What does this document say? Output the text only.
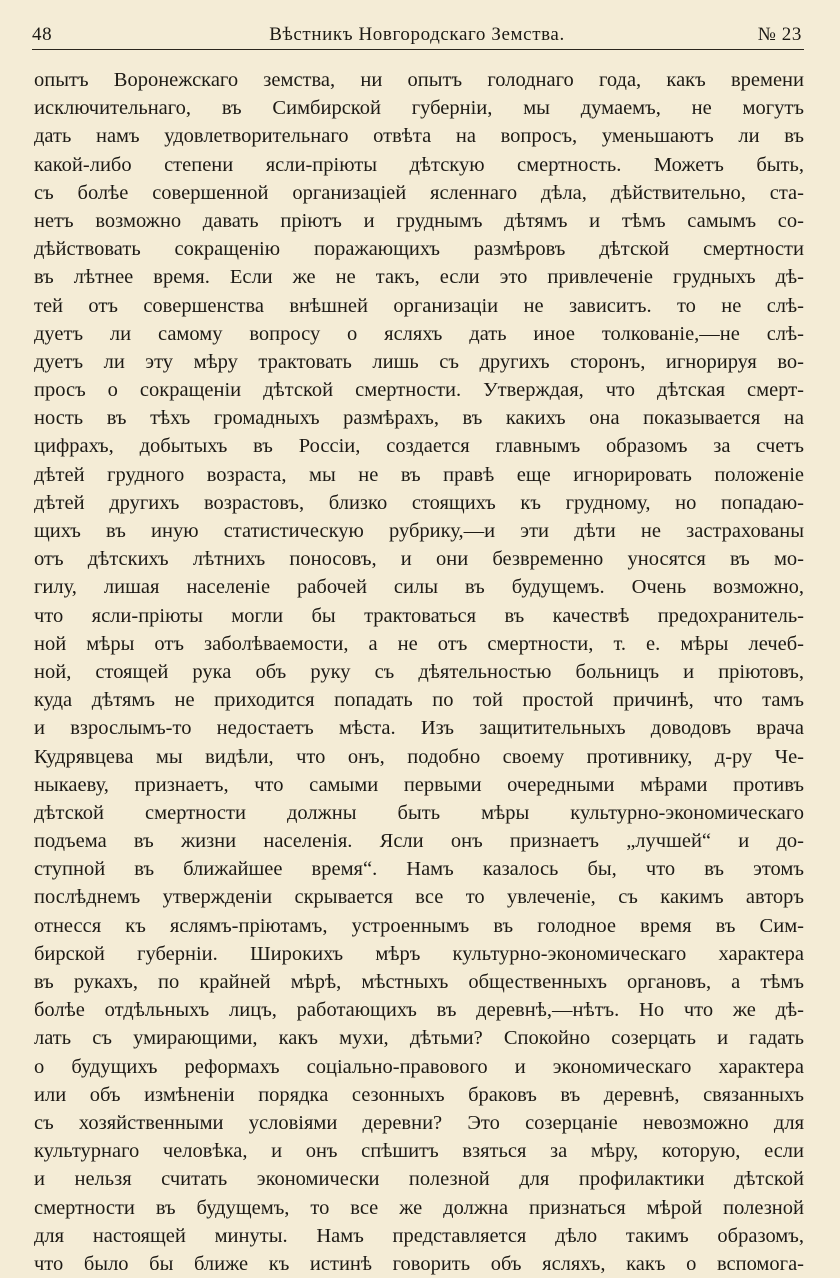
48	Вѣстникъ Новгородскаго Земства.	№ 23
опытъ Воронежскаго земства, ни опытъ голоднаго года, какъ времени
исключительнаго, въ Симбирской губерніи, мы думаемъ, не могутъ
дать намъ удовлетворительнаго отвѣта на вопросъ, уменьшаютъ ли въ
какой-либо степени ясли-пріюты дѣтскую смертность. Можетъ быть,
съ болѣе совершенной организаціей ясленнаго дѣла, дѣйствительно, ста-
нетъ возможно давать пріютъ и груднымъ дѣтямъ и тѣмъ самымъ со-
дѣйствовать сокращенію поражающихъ размѣровъ дѣтской смертности
въ лѣтнее время. Если же не такъ, если это привлеченіе грудныхъ дѣ-
тей отъ совершенства внѣшней организаціи не зависитъ. то не слѣ-
дуетъ ли самому вопросу о ясляхъ дать иное толкованіе,—не слѣ-
дуетъ ли эту мѣру трактовать лишь съ другихъ сторонъ, игнорируя во-
просъ о сокращеніи дѣтской смертности. Утверждая, что дѣтская смерт-
ность въ тѣхъ громадныхъ размѣрахъ, въ какихъ она показывается на
цифрахъ, добытыхъ въ Россіи, создается главнымъ образомъ за счетъ
дѣтей грудного возраста, мы не въ правѣ еще игнорировать положеніе
дѣтей другихъ возрастовъ, близко стоящихъ къ грудному, но попадаю-
щихъ въ иную статистическую рубрику,—и эти дѣти не застрахованы
отъ дѣтскихъ лѣтнихъ поносовъ, и они безвременно уносятся въ мо-
гилу, лишая населеніе рабочей силы въ будущемъ. Очень возможно,
что ясли-пріюты могли бы трактоваться въ качествѣ предохранитель-
ной мѣры отъ заболѣваемости, а не отъ смертности, т. е. мѣры лечеб-
ной, стоящей рука объ руку съ дѣятельностью больницъ и пріютовъ,
куда дѣтямъ не приходится попадать по той простой причинѣ, что тамъ
и взрослымъ-то недостаетъ мѣста. Изъ защитительныхъ доводовъ врача
Кудрявцева мы видѣли, что онъ, подобно своему противнику, д-ру Че-
ныкаеву, признаетъ, что самыми первыми очередными мѣрами противъ
дѣтской смертности должны быть мѣры культурно-экономическаго
подъема въ жизни населенія. Ясли онъ признаетъ „лучшей“ и до-
ступной въ ближайшее время“. Намъ казалось бы, что въ этомъ
послѣднемъ утвержденіи скрывается все то увлеченіе, съ какимъ авторъ
отнесся къ яслямъ-пріютамъ, устроеннымъ въ голодное время въ Сим-
бирской губерніи. Широкихъ мѣръ культурно-экономическаго характера
въ рукахъ, по крайней мѣрѣ, мѣстныхъ общественныхъ органовъ, а тѣмъ
болѣе отдѣльныхъ лицъ, работающихъ въ деревнѣ,—нѣтъ. Но что же дѣ-
лать съ умирающими, какъ мухи, дѣтьми? Спокойно созерцать и гадать
о будущихъ реформахъ соціально-правового и экономическаго характера
или объ измѣненіи порядка сезонныхъ браковъ въ деревнѣ, связанныхъ
съ хозяйственными условіями деревни? Это созерцаніе невозможно для
культурнаго человѣка, и онъ спѣшитъ взяться за мѣру, которую, если
и нельзя считать экономически полезной для профилактики дѣтской
смертности въ будущемъ, то все же должна признаться мѣрой полезной
для настоящей минуты. Намъ представляется дѣло такимъ образомъ,
что было бы ближе къ истинѣ говорить объ ясляхъ, какъ о вспомога-
